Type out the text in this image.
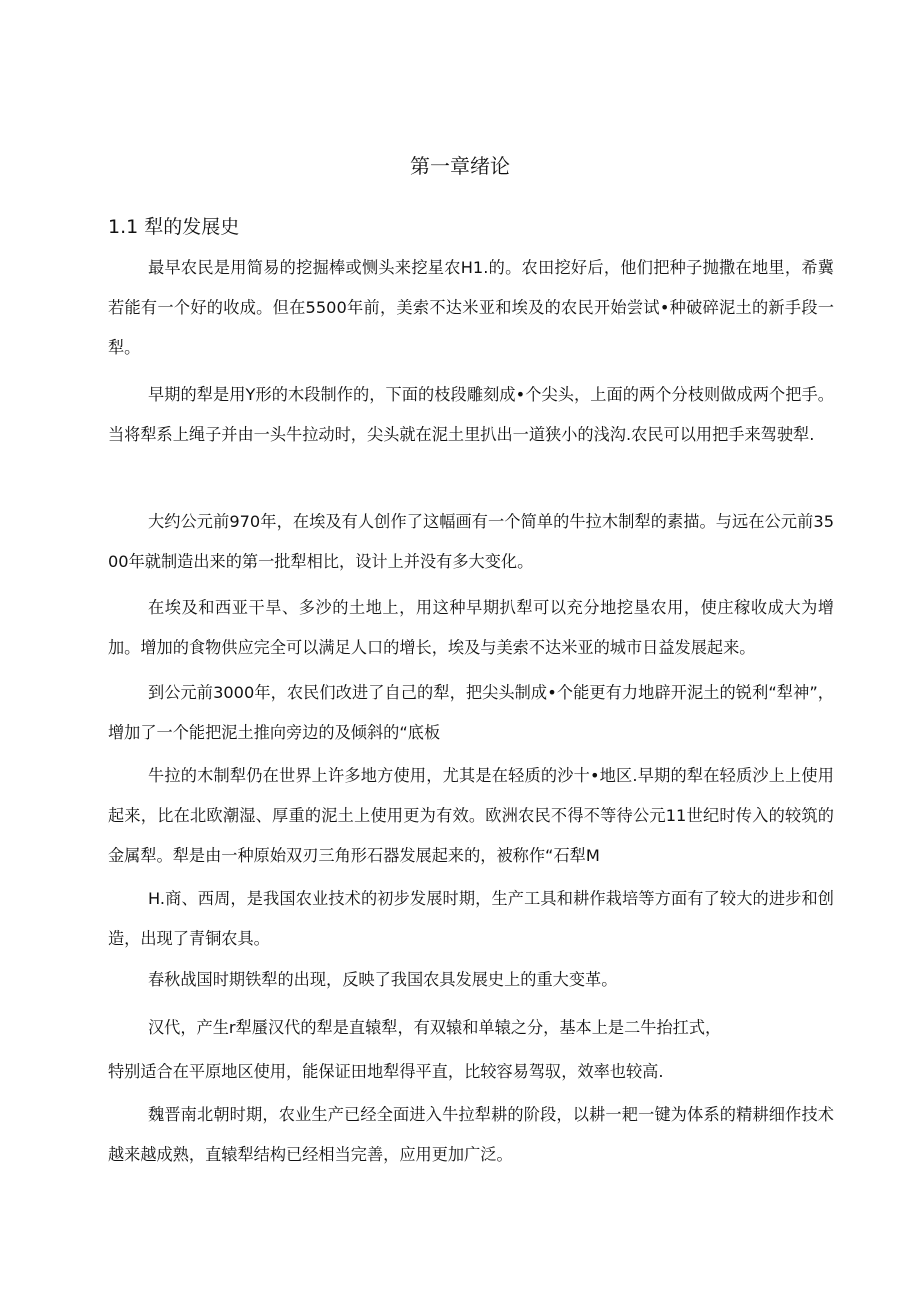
第一章绪论
1.1 犁的发展史

最早农民是用简易的挖掘棒或恻头来挖星农H1.的。农田挖好后，他们把种子抛撒在地里，希冀若能有一个好的收成。但在5500年前，美索不达米亚和埃及的农民开始尝试•种破碎泥土的新手段一犁。

早期的犁是用Y形的木段制作的，下面的枝段雕刻成•个尖头，上面的两个分枝则做成两个把手。当将犁系上绳子并由一头牛拉动时，尖头就在泥土里扒出一道狭小的浅沟.农民可以用把手来驾驶犁.

大约公元前970年，在埃及有人创作了这幅画有一个简单的牛拉木制犁的素描。与远在公元前3500年就制造出来的第一批犁相比，设计上并没有多大变化。

在埃及和西亚干旱、多沙的土地上，用这种早期扒犁可以充分地挖垦农用，使庄稼收成大为增加。增加的食物供应完全可以满足人口的增长，埃及与美索不达米亚的城市日益发展起来。

到公元前3000年，农民们改进了自己的犁，把尖头制成•个能更有力地辟开泥土的锐利“犁神”，增加了一个能把泥土推向旁边的及倾斜的“底板

牛拉的木制犁仍在世界上许多地方使用，尤其是在轻质的沙十•地区.早期的犁在轻质沙上上使用起来，比在北欧潮湿、厚重的泥土上使用更为有效。欧洲农民不得不等待公元11世纪时传入的较筑的金属犁。犁是由一种原始双刃三角形石器发展起来的，被称作“石犁M

H.商、西周，是我国农业技术的初步发展时期，生产工具和耕作栽培等方面有了较大的进步和创造，出现了青铜农具。

春秋战国时期铁犁的出现，反映了我国农具发展史上的重大变革。

汉代，产生r犁蜃汉代的犁是直辕犁，有双辕和单辕之分，基本上是二牛抬扛式，

特别适合在平原地区使用，能保证田地犁得平直，比较容易驾驭，效率也较高.

魏晋南北朝时期，农业生产已经全面进入牛拉犁耕的阶段，以耕一耙一键为体系的精耕细作技术越来越成熟，直辕犁结构已经相当完善，应用更加广泛。
